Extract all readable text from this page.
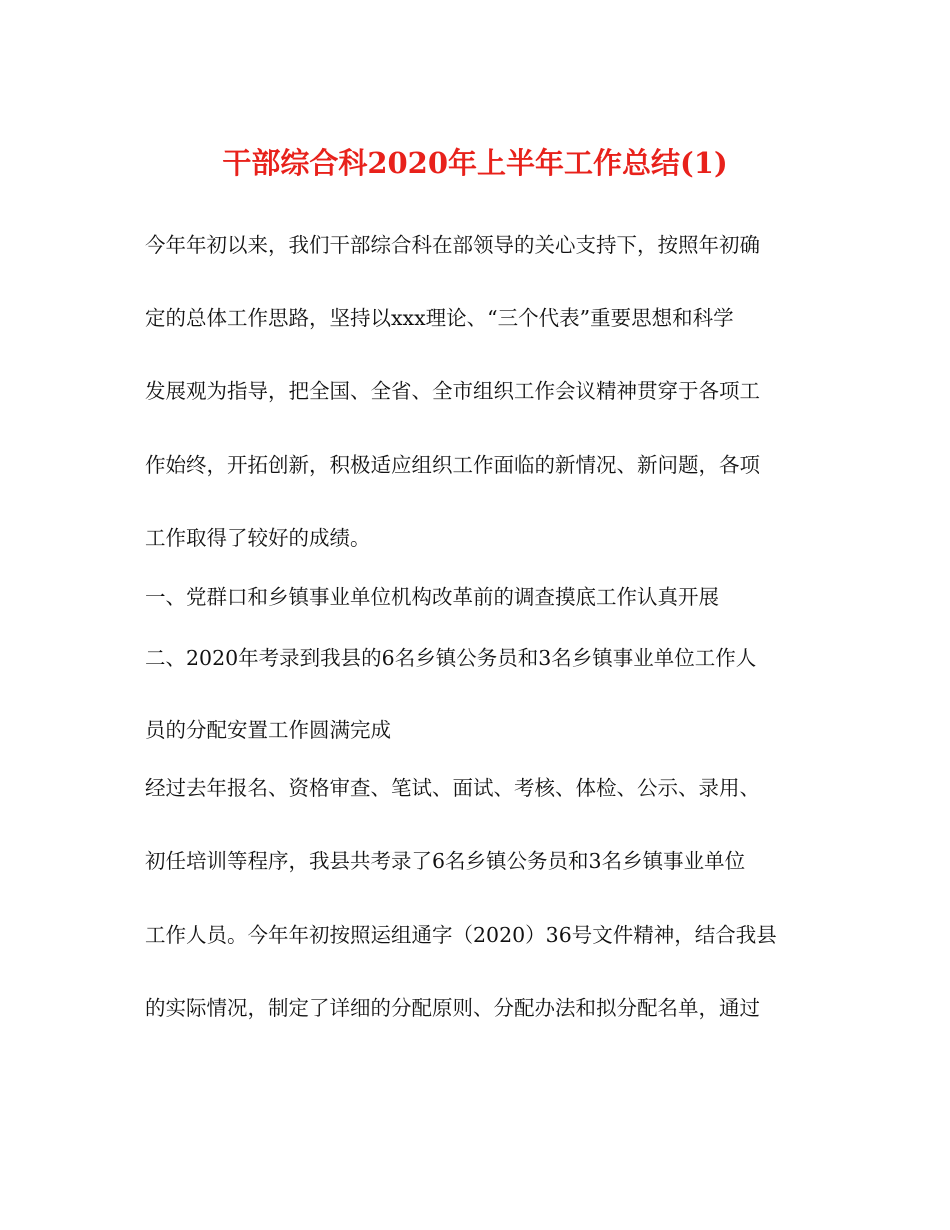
干部综合科2020年上半年工作总结(1)
今年年初以来，我们干部综合科在部领导的关心支持下，按照年初确
定的总体工作思路，坚持以xxx理论、“三个代表”重要思想和科学
发展观为指导，把全国、全省、全市组织工作会议精神贯穿于各项工
作始终，开拓创新，积极适应组织工作面临的新情况、新问题，各项
工作取得了较好的成绩。
一、党群口和乡镇事业单位机构改革前的调查摸底工作认真开展
二、2020年考录到我县的6名乡镇公务员和3名乡镇事业单位工作人
员的分配安置工作圆满完成
经过去年报名、资格审查、笔试、面试、考核、体检、公示、录用、
初任培训等程序，我县共考录了6名乡镇公务员和3名乡镇事业单位
工作人员。今年年初按照运组通字（2020）36号文件精神，结合我县
的实际情况，制定了详细的分配原则、分配办法和拟分配名单，通过
